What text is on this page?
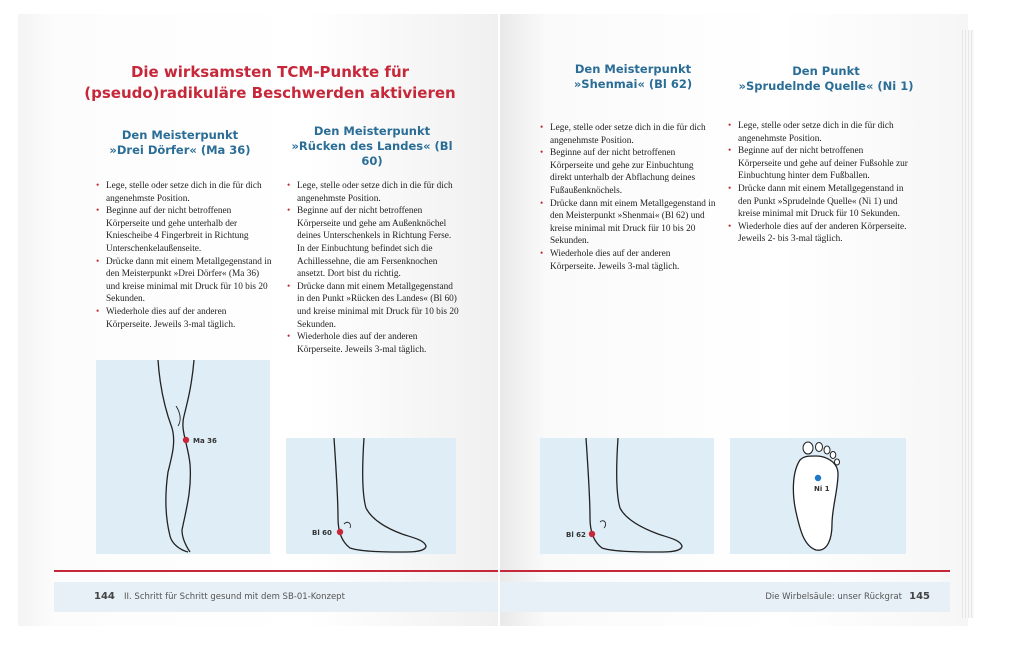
Die wirksamsten TCM-Punkte für
(pseudo)radikuläre Beschwerden aktivieren
Den Meisterpunkt
»Drei Dörfer« (Ma 36)
• Lege, stelle oder setze dich in die für dich angenehmste Position.
• Beginne auf der nicht betroffenen Körperseite und gehe unterhalb der Kniescheibe 4 Fingerbreit in Richtung Unterschenkelaußenseite.
• Drücke dann mit einem Metallgegenstand in den Meisterpunkt »Drei Dörfer« (Ma 36) und kreise minimal mit Druck für 10 bis 20 Sekunden.
• Wiederhole dies auf der anderen Körperseite. Jeweils 3-mal täglich.
Den Meisterpunkt
»Rücken des Landes« (Bl 60)
• Lege, stelle oder setze dich in die für dich angenehmste Position.
• Beginne auf der nicht betroffenen Körperseite und gehe am Außenknöchel deines Unterschenkels in Richtung Ferse. In der Einbuchtung befindet sich die Achillessehne, die am Fersenknochen ansetzt. Dort bist du richtig.
• Drücke dann mit einem Metallgegenstand in den Punkt »Rücken des Landes« (Bl 60) und kreise minimal mit Druck für 10 bis 20 Sekunden.
• Wiederhole dies auf der anderen Körperseite. Jeweils 3-mal täglich.
Ma 36
Bl 60
144 II. Schritt für Schritt gesund mit dem SB-01-Konzept
Den Meisterpunkt
»Shenmai« (Bl 62)
• Lege, stelle oder setze dich in die für dich angenehmste Position.
• Beginne auf der nicht betroffenen Körperseite und gehe zur Einbuchtung direkt unterhalb der Abflachung deines Fußaußenknöchels.
• Drücke dann mit einem Metallgegenstand in den Meisterpunkt »Shenmai« (Bl 62) und kreise minimal mit Druck für 10 bis 20 Sekunden.
• Wiederhole dies auf der anderen Körperseite. Jeweils 3-mal täglich.
Den Punkt
»Sprudelnde Quelle« (Ni 1)
• Lege, stelle oder setze dich in die für dich angenehmste Position.
• Beginne auf der nicht betroffenen Körperseite und gehe auf deiner Fußsohle zur Einbuchtung hinter dem Fußballen.
• Drücke dann mit einem Metallgegenstand in den Punkt »Sprudelnde Quelle« (Ni 1) und kreise minimal mit Druck für 10 Sekunden.
• Wiederhole dies auf der anderen Körperseite. Jeweils 2- bis 3-mal täglich.
Bl 62
Ni 1
Die Wirbelsäule: unser Rückgrat 145
